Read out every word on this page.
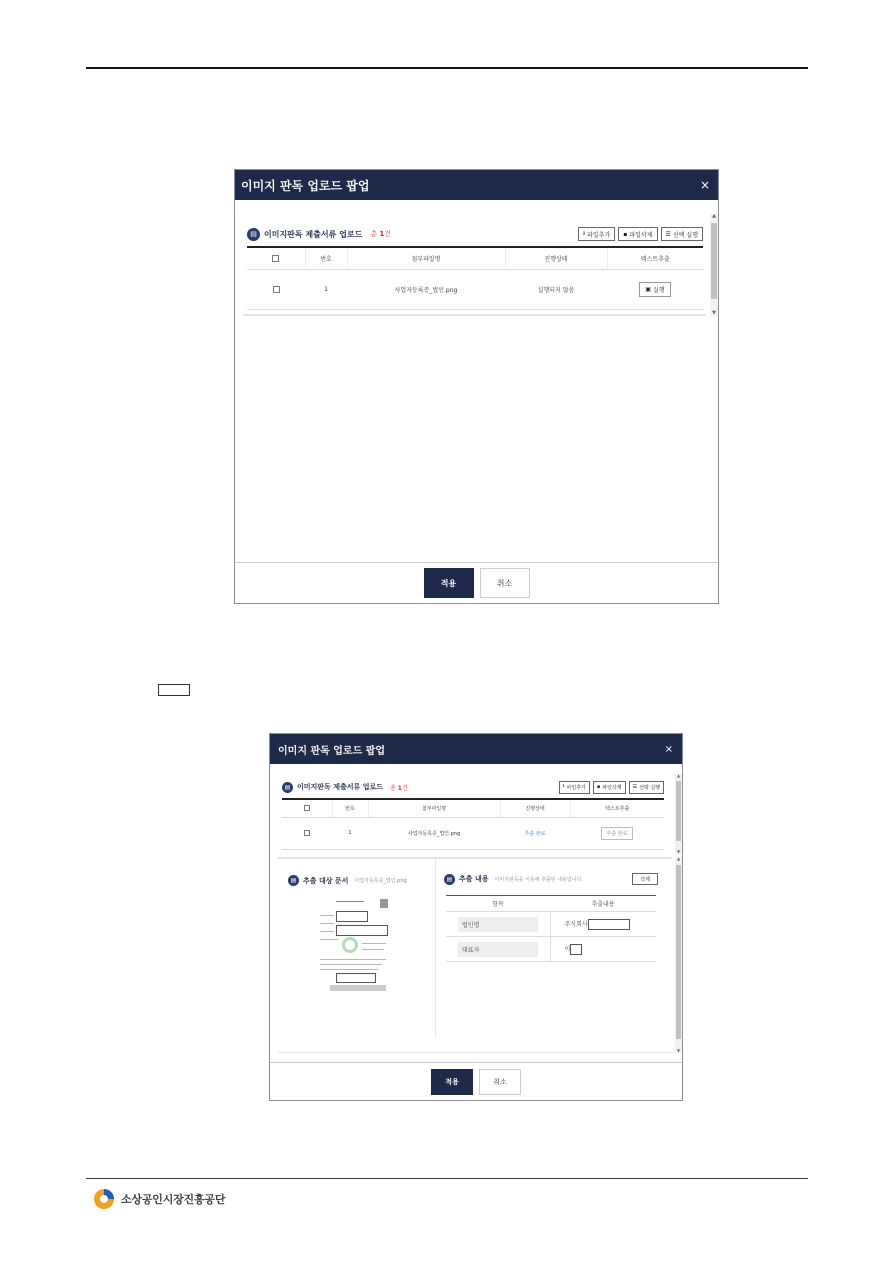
이미지 판독 업로드 팝업	×
▤ 이미지판독 제출서류 업로드 총 1건	⭳ 파일추가 ▪ 파일삭제 ☰ 선택 실행
	번호	첨부파일명	진행상태	텍스트추출
	1	사업자등록증_법인.png	실행되지 않음	▣ 실행
▲
▼
적용	취소
이미지 판독 업로드 팝업	×
▤ 이미지판독 제출서류 업로드 총 1건	⭳ 파일추가 ▪ 파일삭제 ☰ 선택 실행
	번호	첨부파일명	진행상태	텍스트추출
	1	사업자등록증_법인.png	추출 완료	추출 완료
▲
▼
▤ 추출 대상 문서 사업자등록증_법인.png	▤ 추출 내용 이미지판독을 이용해 추출된 내용입니다.	삭제
항목	추출내용

법인명	주식회사

대표자	이
▲
▼
적용	취소
소상공인시장진흥공단
